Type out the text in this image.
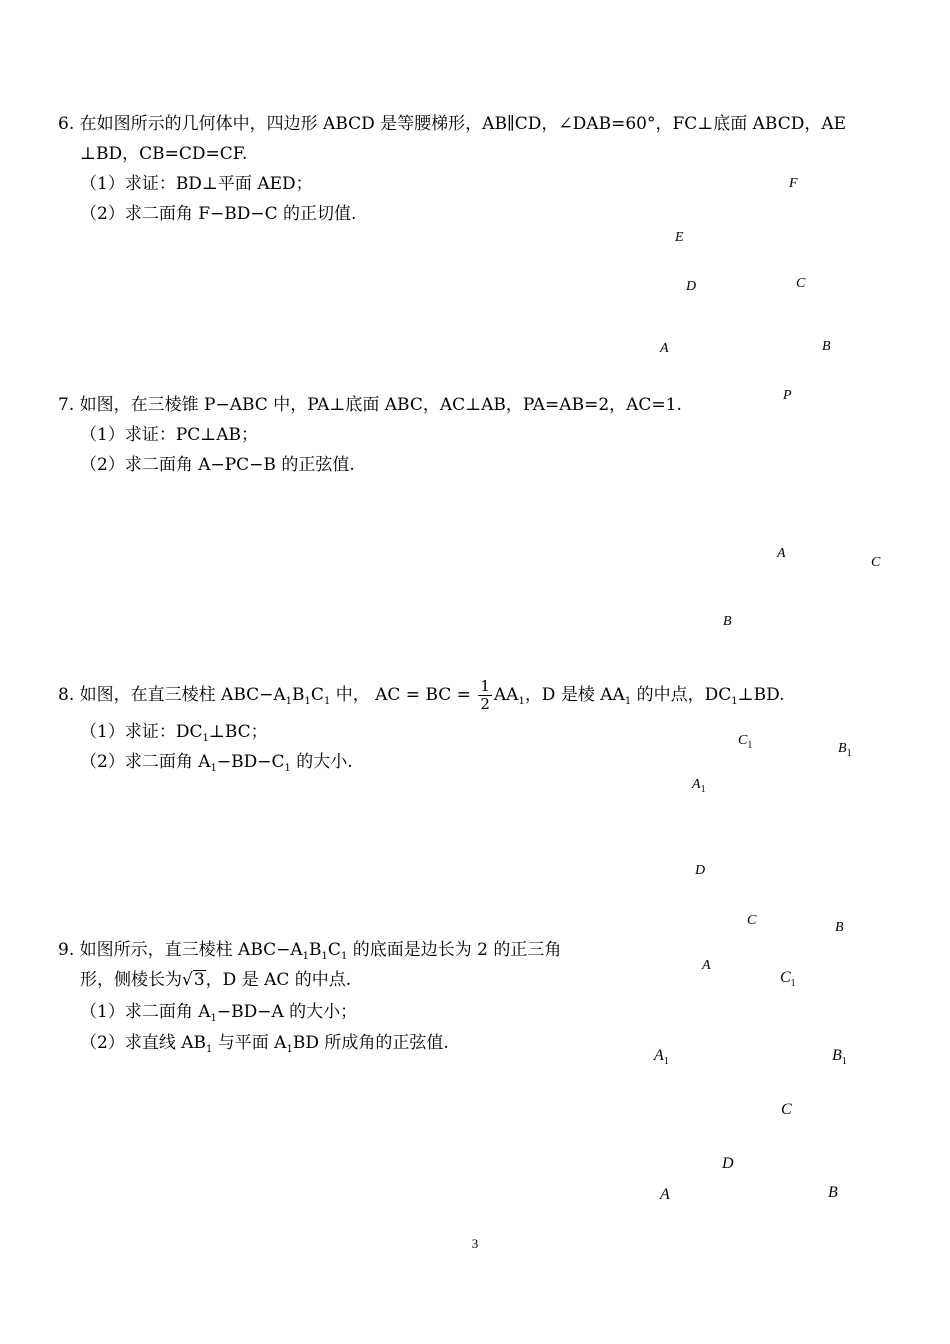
6. 在如图所示的几何体中，四边形 ABCD 是等腰梯形，AB∥CD，∠DAB=60°，FC⊥底面 ABCD，AE
⊥BD，CB=CD=CF.
（1）求证：BD⊥平面 AED；
（2）求二面角 F−BD−C 的正切值.
F
E
D	C
A	B
7. 如图，在三棱锥 P−ABC 中，PA⊥底面 ABC，AC⊥AB，PA=AB=2，AC=1.
（1）求证：PC⊥AB；
（2）求二面角 A−PC−B 的正弦值.
P
A
C
B
8. 如图，在直三棱柱 $ABC-A_1B_1C_1$ 中， AC = BC = $\frac{1}{2} AA_1$，D 是棱 $AA_1$ 的中点，$DC_1\perp BD$.
（1）求证：$DC_1\perp BC$；
（2）求二面角 $A_1-BD-C_1$ 的大小.
$C_1$	$B_1$
$A_1$
D
C	B
A
9. 如图所示，直三棱柱 $ABC-A_1B_1C_1$ 的底面是边长为 2 的正三角
形，侧棱长为√3，D 是 AC 的中点.
（1）求二面角 $A_1-BD-A$ 的大小；
（2）求直线 $AB_1$ 与平面 $A_1BD$ 所成角的正弦值.
$C_1$
$A_1$	$B_1$
C
D
A	B
3
